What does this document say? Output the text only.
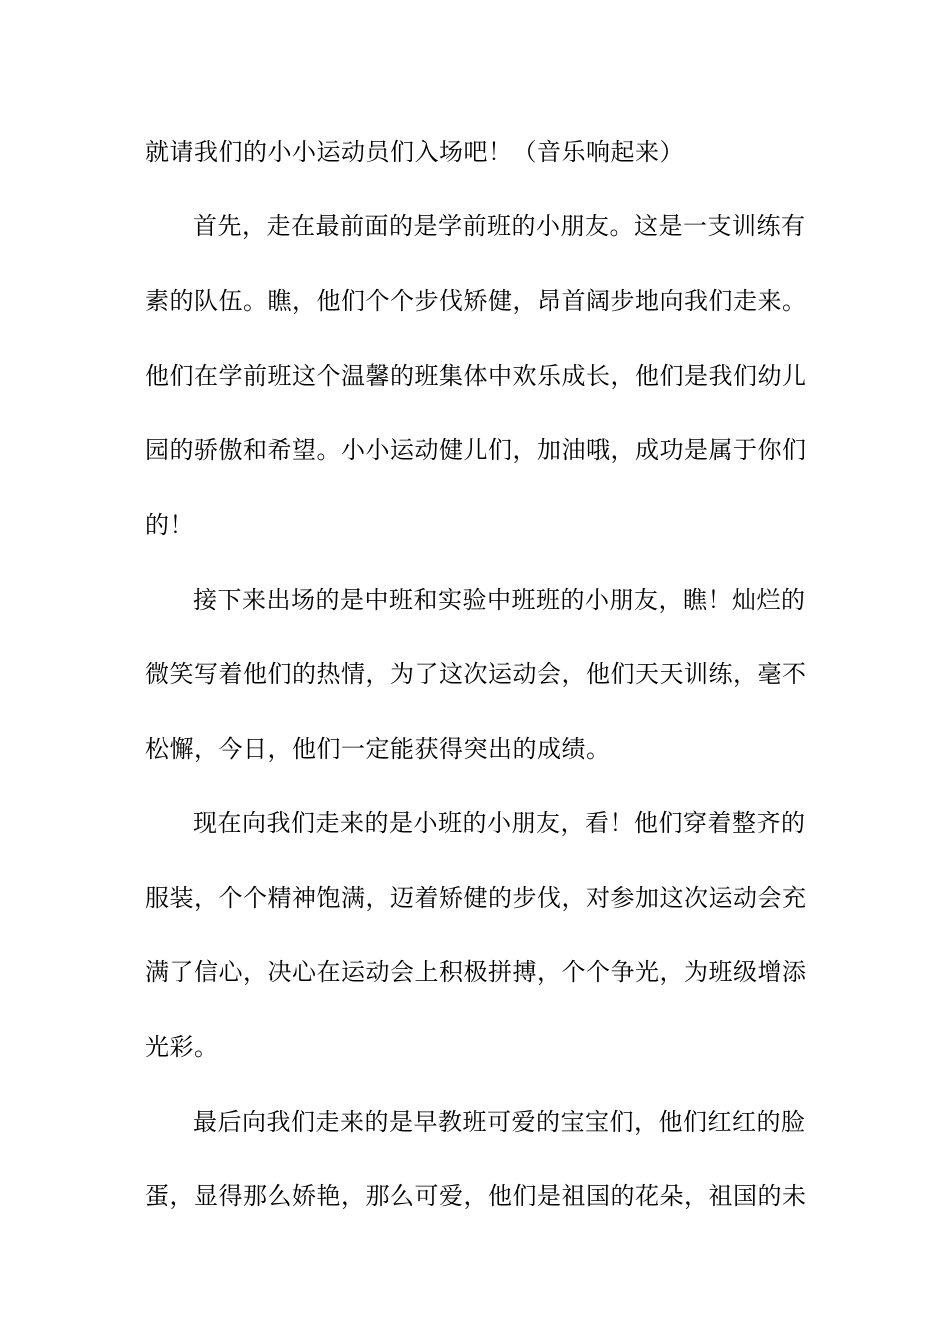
就请我们的小小运动员们入场吧！（音乐响起来）
首先，走在最前面的是学前班的小朋友。这是一支训练有
素的队伍。瞧，他们个个步伐矫健，昂首阔步地向我们走来。
他们在学前班这个温馨的班集体中欢乐成长，他们是我们幼儿
园的骄傲和希望。小小运动健儿们，加油哦，成功是属于你们
的！
接下来出场的是中班和实验中班班的小朋友，瞧！灿烂的
微笑写着他们的热情，为了这次运动会，他们天天训练，毫不
松懈，今日，他们一定能获得突出的成绩。
现在向我们走来的是小班的小朋友，看！他们穿着整齐的
服装，个个精神饱满，迈着矫健的步伐，对参加这次运动会充
满了信心，决心在运动会上积极拼搏，个个争光，为班级增添
光彩。
最后向我们走来的是早教班可爱的宝宝们，他们红红的脸
蛋，显得那么娇艳，那么可爱，他们是祖国的花朵，祖国的未
